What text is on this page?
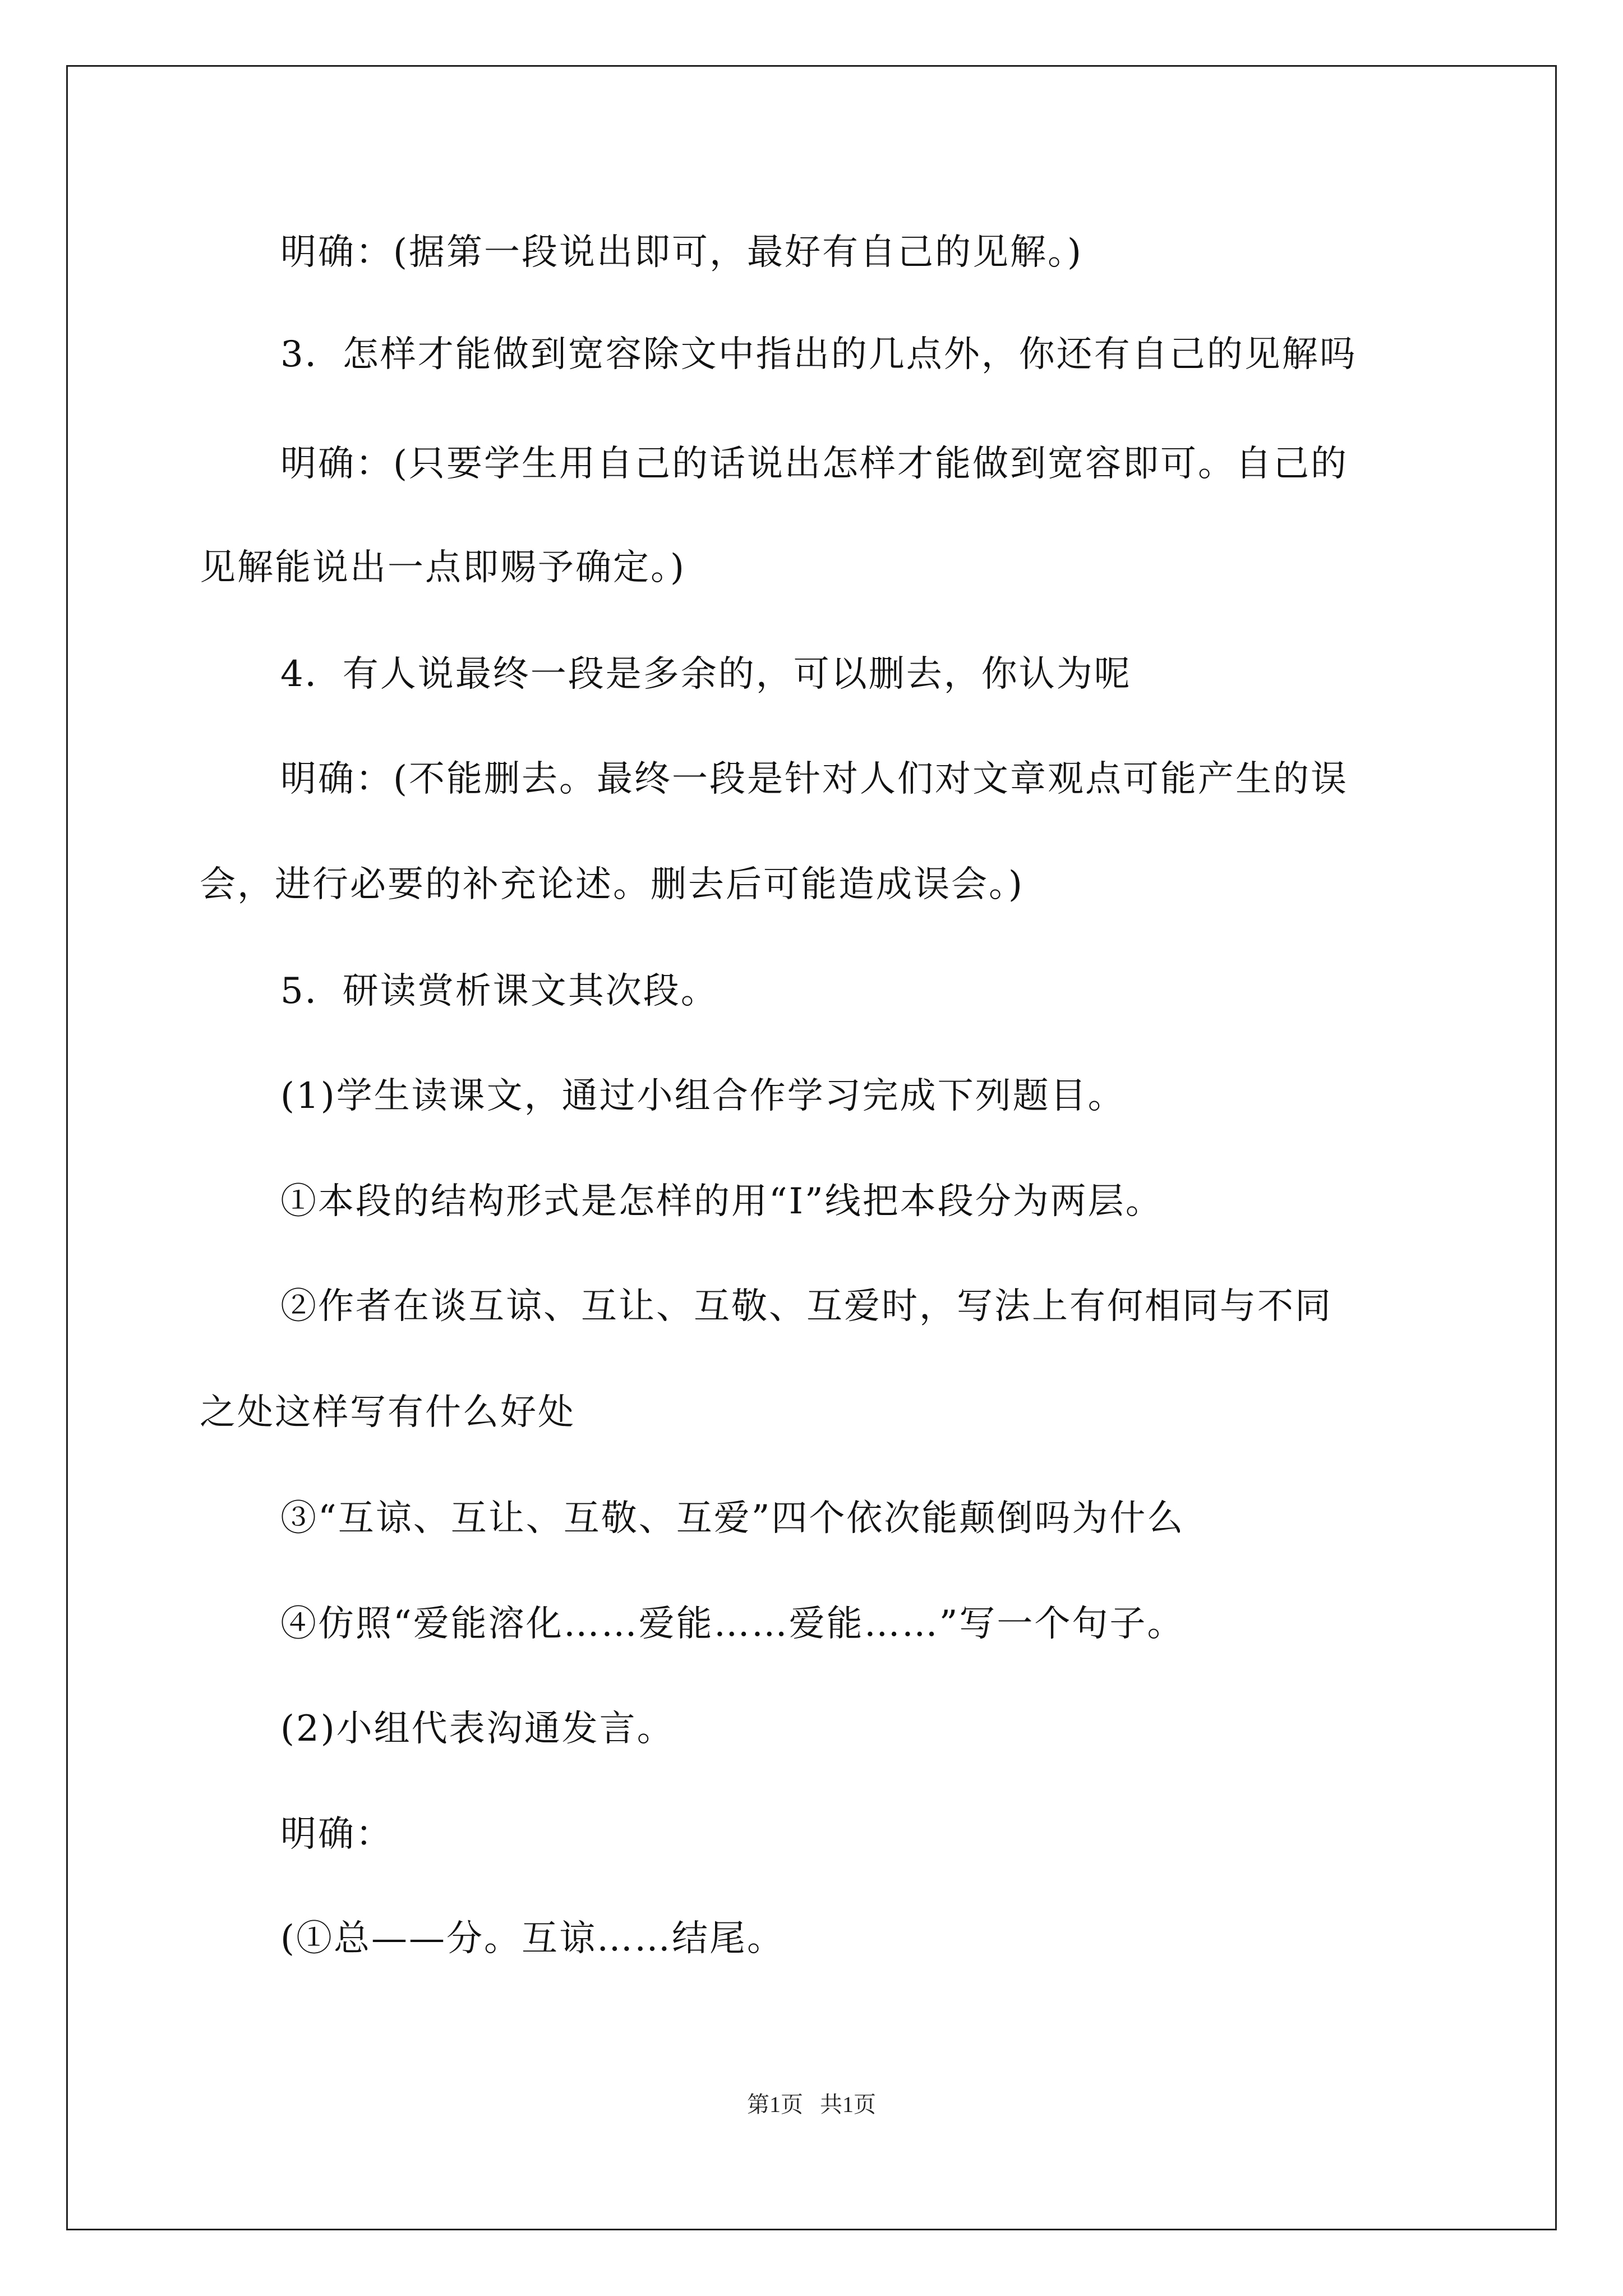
明确：(据第一段说出即可，最好有自己的见解。)
3．怎样才能做到宽容除文中指出的几点外，你还有自己的见解吗
明确：(只要学生用自己的话说出怎样才能做到宽容即可。自己的
见解能说出一点即赐予确定。)
4．有人说最终一段是多余的，可以删去，你认为呢
明确：(不能删去。最终一段是针对人们对文章观点可能产生的误
会，进行必要的补充论述。删去后可能造成误会。)
5．研读赏析课文其次段。
(1)学生读课文，通过小组合作学习完成下列题目。
①本段的结构形式是怎样的用“I”线把本段分为两层。
②作者在谈互谅、互让、互敬、互爱时，写法上有何相同与不同
之处这样写有什么好处
③“互谅、互让、互敬、互爱”四个依次能颠倒吗为什么
④仿照“爱能溶化……爱能……爱能……”写一个句子。
(2)小组代表沟通发言。
明确：
(①总——分。互谅……结尾。
第1页   共1页
